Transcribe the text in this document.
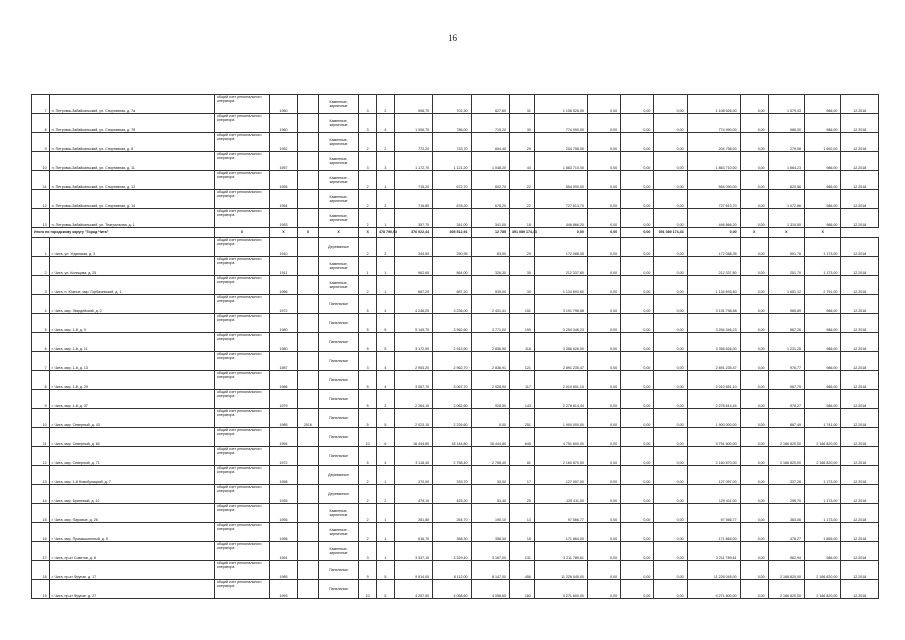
16
7	п. Петровск-Забайкальский, ул. Спортивная, д. 7а	общий счет регионального оператора	1960		Каменные, кирпичные	3	2	906,70	702,30	627,60	31	1 108 526,00	0,00	0,00	0,00	1 108 526,00	0,00	1 579,43	986,00	12.2018
8	п. Петровск-Забайкальский, ул. Спортивная, д. 7б	общий счет регионального оператора	1960		Каменные, кирпичные	3	4	1 006,70	786,00	715,20	30	774 990,00	0,00	0,00	0,00	774 990,00	0,00	986,00	986,00	12.2018
9	п. Петровск-Забайкальский, ул. Спортивная, д. 8	общий счет регионального оператора	1952		Каменные, кирпичные	2	2	772,20	733,70	654,40	29	204 758,00	0,00	0,00	0,00	204 758,00	0,00	279,08	1 692,00	12.2018
10	п. Петровск-Забайкальский, ул. Спортивная, д. 11	общий счет регионального оператора	1957		Каменные, кирпичные	3	3	1 172,70	1 121,20	1 048,20	44	1 863 710,00	0,00	0,00	0,00	1 863 710,00	0,00	1 664,23	986,00	12.2018
11	п. Петровск-Забайкальский, ул. Спортивная, д. 12	общий счет регионального оператора	1955		Каменные, кирпичные	2	1	715,20	672,70	602,70	22	554 090,00	0,00	0,00	0,00	554 090,00	0,00	820,56	986,00	12.2018
12	п. Петровск-Забайкальский, ул. Спортивная, д. 14	общий счет регионального оператора	1954		Каменные, кирпичные	2	2	716,80	678,20	678,20	22	727 613,70	0,00	0,00	0,00	727 613,70	0,00	1 072,86	986,00	12.2018
13	п. Петровск-Забайкальский, ул. Театральная, д. 1	общий счет регионального оператора	1953		Каменные, кирпичные	2	1	357,70	341,00	341,00	18	446 866,20	0,00	0,00	0,00	446 866,20	0,00	1 310,50	986,00	12.2018
Итого по городскому округу "Город Чита"		X	X	X	X	X	478 790,93	376 022,44	305 512,91	12 785	391 089 174,43	0,00	0,00	0,00	391 089 174,43	0,00	X	X	X	
1	г. Чита, ул. Угданская, д. 3	общий счет регионального оператора	1910		Деревянные	2	2	344,50	290,95	83,00	29	172 088,35	0,00	0,00	0,00	172 088,35	0,00	591,78	1 173,00	12.2018
2	г. Чита, ул. Кольцова, д. 25	общий счет регионального оператора	1911		Каменные, кирпичные	1	1	962,60	864,00	326,30	35	212 337,80	0,00	0,00	0,00	212 337,80	0,00	251,70	1 173,00	12.2018
3	г. Чита, п. Южное, мкр. Горбачевский, д. 1	общий счет регионального оператора	1966		Каменные, кирпичные	2	1	687,20	687,20	539,00	30	1 134 693,60	0,00	0,00	0,00	1 134 693,60	0,00	1 651,12	2 791,00	12.2018
4	г. Чита, мкр. Гвардейский, д. 2	общий счет регионального оператора	1972		Панельные	5	4	4 246,20	3 236,00	2 431,41	151	3 191 798,58	0,00	0,00	0,00	3 191 798,58	0,00	965,89	986,00	12.2018
5	г. Чита, мкр. 1-й, д. 9	общий счет регионального оператора	1980		Панельные	5	5	5 149,70	3 962,60	3 771,00	199	3 254 346,23	0,00	0,00	0,00	3 254 346,23	0,00	867,26	986,00	12.2018
6	г. Чита, мкр. 1-й, д. 11	общий счет регионального оператора	1980		Панельные	5	5	3 172,50	2 913,90	2 836,90	116	3 356 626,00	0,00	0,00	0,00	3 356 626,00	0,00	1 231,25	986,00	12.2018
7	г. Чита, мкр. 1-й, д. 13	общий счет регионального оператора	1987		Панельные	3	4	2 953,20	2 962,70	2 836,91	121	2 891 235,47	0,00	0,00	0,00	2 891 235,47	0,00	976,77	986,00	12.2018
8	г. Чита, мкр. 1-й, д. 29	общий счет регионального оператора	1986		Панельные	5	4	3 067,70	3 067,70	2 928,90	117	2 010 651,10	0,00	0,00	0,00	2 010 651,10	0,00	967,75	986,00	12.2018
9	г. Чита, мкр. 1-й, д. 37	общий счет регионального оператора	1979		Панельные	5	2	2 264,10	2 062,60	928,50	143	2 278 614,44	0,00	0,00	0,00	2 278 614,44	0,00	976,27	986,00	12.2018
10	г. Чита, мкр. Северный, д. 43	общий счет регионального оператора	1985	2016	Панельные	5	5	2 023,10	2 226,60	0,00	251	1 900 000,00	0,00	0,00	0,00	1 900 000,00	0,00	887,49	1 741,00	12.2018
11	г. Чита, мкр. Северный, д. 60	общий счет регионального оператора	1994		Панельные	10	6	16 444,80	18 144,80	16 444,80	645	4 751 600,00	0,00	0,00	0,00	4 751 600,00	0,00	2 166 820,00	2 166 820,00	12.2018
12	г. Чита, мкр. Северный, д. 71	общий счет регионального оператора	1972		Панельные	5	4	3 118,40	2 758,40	2 758,40	81	2 160 870,00	0,00	0,00	0,00	2 160 870,00	0,00	2 166 820,00	2 166 820,00	12.2018
13	г. Чита, мкр. 1-й Новобулацкий, д. 7	общий счет регионального оператора	1958		Деревянные	2	1	370,00	333,70	33,30	17	127 097,00	0,00	0,00	0,00	127 097,00	0,00	337,28	1 173,00	12.2018
14	г. Чита, мкр. Бриневый, д. 12	общий счет регионального оператора	1935		Деревянные	2	2	479,10	425,20	53,40	25	129 411,00	0,00	0,00	0,00	129 411,00	0,00	296,70	1 173,00	12.2018
15	г. Чита, мкр. Паровые, д. 26	общий счет регионального оператора	1955		Каменные, кирпичные	2	1	281,80	254,70	190,10	13	97 566,77	0,00	0,00	0,00	97 566,77	0,00	383,06	1 173,00	12.2018
16	г. Чита, мкр. Промышленный, д. 5	общий счет регионального оператора	1956		Каменные, кирпичные	2	1	616,70	358,30	358,30	16	171 864,00	0,00	0,00	0,00	171 864,00	0,00	478,27	1 865,00	12.2018
17	г. Чита, пр-кт Советов, д. 8	общий счет регионального оператора	1951		Каменные, кирпичные	3	1	3 337,10	3 329,40	3 167,00	131	3 211 789,61	0,00	0,00	0,00	3 211 789,61	0,00	962,94	986,00	12.2018
18	г. Чита, пр-кт Фрунзе, д. 17	общий счет регионального оператора	1985		Панельные	9	5	9 814,00	8 112,00	8 147,00	456	11 226 045,00	0,00	0,00	0,00	11 226 045,00	0,00	2 166 820,00	2 166 820,00	12.2018
19	г. Чита, пр-кт Фрунзе, д. 27	общий счет регионального оператора	1993		Панельные	10	5	4 257,50	4 058,60	4 058,60	183	4 271 600,00	0,00	0,00	0,00	4 271 600,00	0,00	2 166 820,00	2 166 820,00	12.2018
